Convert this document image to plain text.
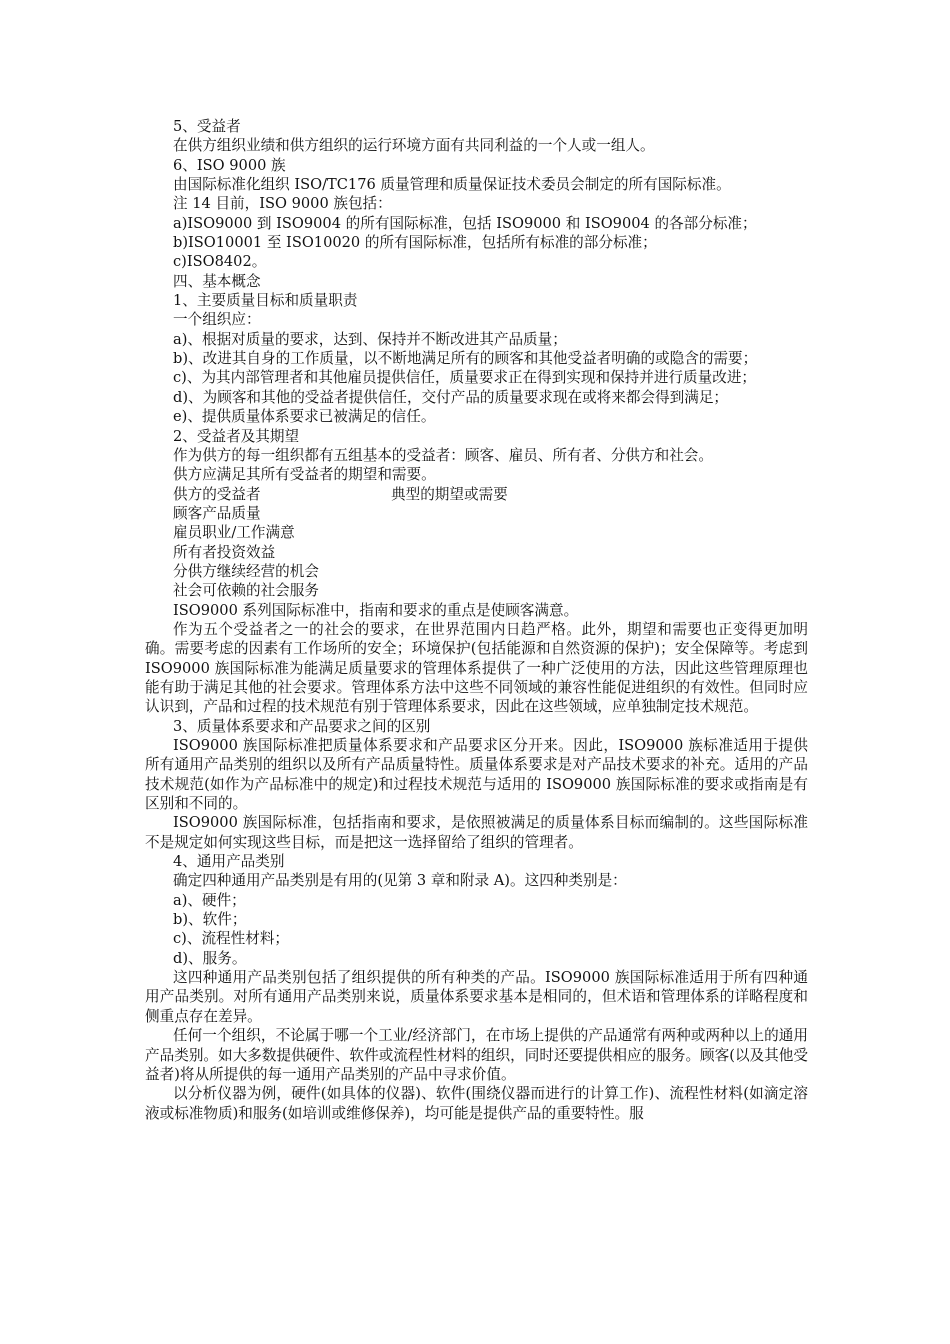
5、受益者

在供方组织业绩和供方组织的运行环境方面有共同利益的一个人或一组人。

6、ISO 9000 族

由国际标准化组织 ISO/TC176 质量管理和质量保证技术委员会制定的所有国际标准。

注 14 目前，ISO 9000 族包括：

a)ISO9000 到 ISO9004 的所有国际标准，包括 ISO9000 和 ISO9004 的各部分标准；

b)ISO10001 至 ISO10020 的所有国际标准，包括所有标准的部分标准；

c)ISO8402。

四、基本概念

1、主要质量目标和质量职责

一个组织应：

a)、根据对质量的要求，达到、保持并不断改进其产品质量；

b)、改进其自身的工作质量，以不断地满足所有的顾客和其他受益者明确的或隐含的需要；

c)、为其内部管理者和其他雇员提供信任，质量要求正在得到实现和保持并进行质量改进；

d)、为顾客和其他的受益者提供信任，交付产品的质量要求现在或将来都会得到满足；

e)、提供质量体系要求已被满足的信任。

2、受益者及其期望

作为供方的每一组织都有五组基本的受益者：顾客、雇员、所有者、分供方和社会。

供方应满足其所有受益者的期望和需要。

供方的受益者	典型的期望或需要

顾客产品质量

雇员职业/工作满意

所有者投资效益

分供方继续经营的机会

社会可依赖的社会服务

ISO9000 系列国际标准中，指南和要求的重点是使顾客满意。

作为五个受益者之一的社会的要求，在世界范围内日趋严格。此外，期望和需要也正变得更加明确。需要考虑的因素有工作场所的安全；环境保护(包括能源和自然资源的保护)；安全保障等。考虑到 ISO9000 族国际标准为能满足质量要求的管理体系提供了一种广泛使用的方法，因此这些管理原理也能有助于满足其他的社会要求。管理体系方法中这些不同领域的兼容性能促进组织的有效性。但同时应认识到，产品和过程的技术规范有别于管理体系要求，因此在这些领域，应单独制定技术规范。

3、质量体系要求和产品要求之间的区别

ISO9000 族国际标准把质量体系要求和产品要求区分开来。因此，ISO9000 族标准适用于提供所有通用产品类别的组织以及所有产品质量特性。质量体系要求是对产品技术要求的补充。适用的产品技术规范(如作为产品标准中的规定)和过程技术规范与适用的 ISO9000 族国际标准的要求或指南是有区别和不同的。

ISO9000 族国际标准，包括指南和要求，是依照被满足的质量体系目标而编制的。这些国际标准不是规定如何实现这些目标，而是把这一选择留给了组织的管理者。

4、通用产品类别

确定四种通用产品类别是有用的(见第 3 章和附录 A)。这四种类别是：

a)、硬件；

b)、软件；

c)、流程性材料；

d)、服务。

这四种通用产品类别包括了组织提供的所有种类的产品。ISO9000 族国际标准适用于所有四种通用产品类别。对所有通用产品类别来说，质量体系要求基本是相同的，但术语和管理体系的详略程度和侧重点存在差异。

任何一个组织，不论属于哪一个工业/经济部门，在市场上提供的产品通常有两种或两种以上的通用产品类别。如大多数提供硬件、软件或流程性材料的组织，同时还要提供相应的服务。顾客(以及其他受益者)将从所提供的每一通用产品类别的产品中寻求价值。

以分析仪器为例，硬件(如具体的仪器)、软件(围绕仪器而进行的计算工作)、流程性材料(如滴定溶液或标准物质)和服务(如培训或维修保养)，均可能是提供产品的重要特性。服
